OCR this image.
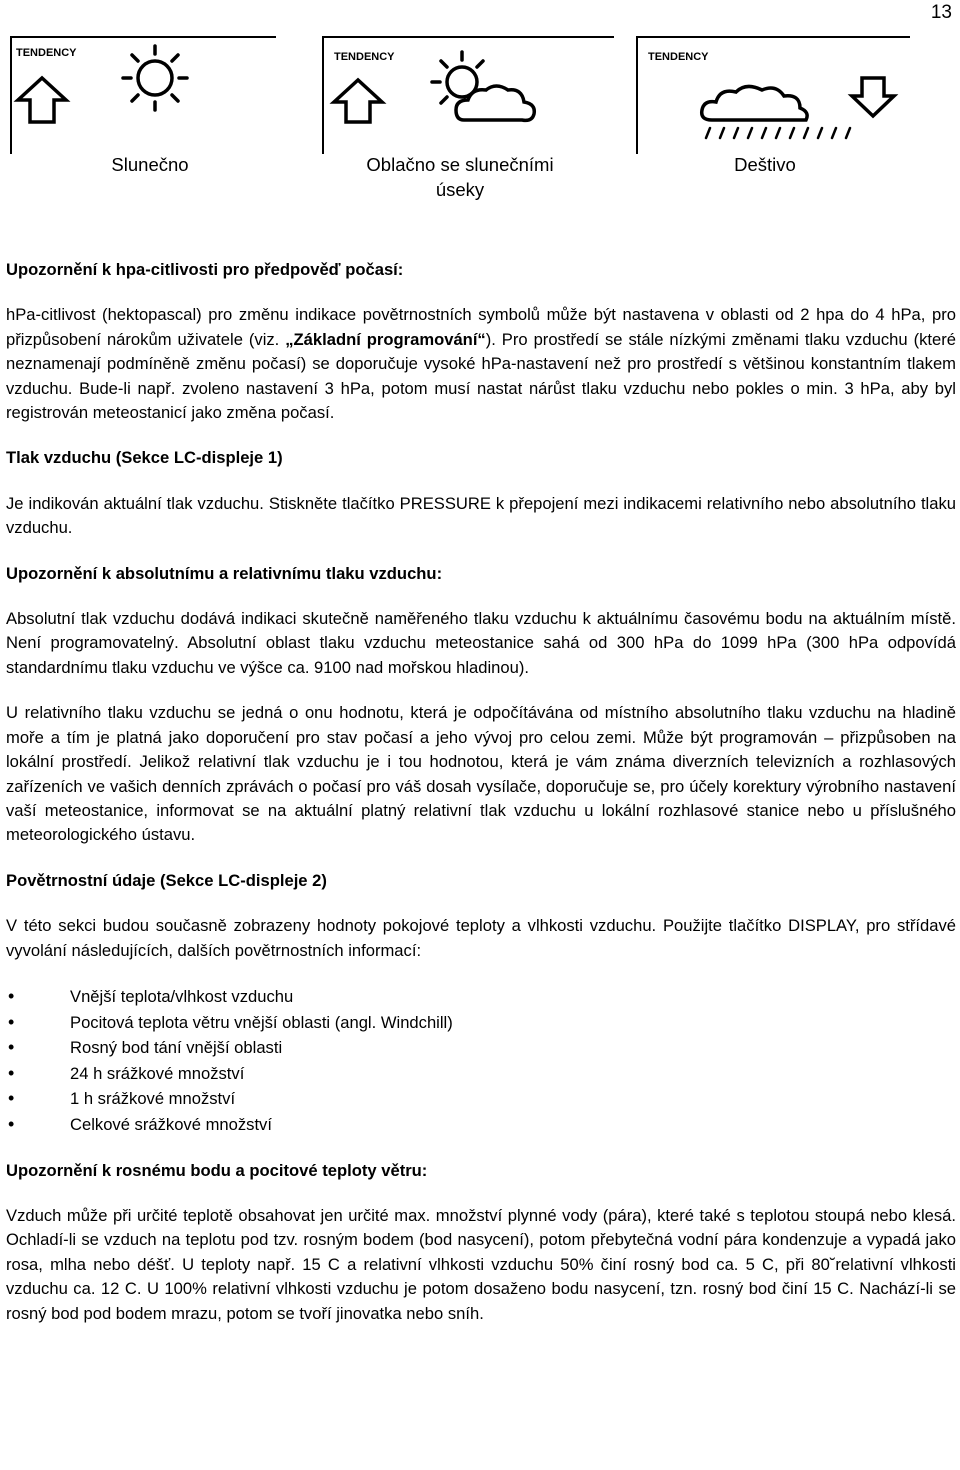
13
TENDENCY	TENDENCY	TENDENCY
Slunečno	Oblačno se slunečními úseky
Deštivo

Upozornění k hpa-citlivosti pro předpověď počasí:

hPa-citlivost (hektopascal) pro změnu indikace povětrnostních symbolů může být nastavena v oblasti od 2 hpa do 4 hPa, pro přizpůsobení nárokům uživatele (viz. „Základní programování“). Pro prostředí se stále nízkými změnami tlaku vzduchu (které neznamenají podmíněně změnu počasí) se doporučuje vysoké hPa-nastavení než pro prostředí s většinou konstantním tlakem vzduchu. Bude-li např. zvoleno nastavení 3 hPa, potom musí nastat nárůst tlaku vzduchu nebo pokles o min. 3 hPa, aby byl registrován meteostanicí jako změna počasí.

Tlak vzduchu (Sekce LC-displeje 1)

Je indikován aktuální tlak vzduchu. Stiskněte tlačítko PRESSURE k přepojení mezi indikacemi relativního nebo absolutního tlaku vzduchu.

Upozornění k absolutnímu a relativnímu tlaku vzduchu:

Absolutní tlak vzduchu dodává indikaci skutečně naměřeného tlaku vzduchu k aktuálnímu časovému bodu na aktuálním místě. Není programovatelný. Absolutní oblast tlaku vzduchu meteostanice sahá od 300 hPa do 1099 hPa (300 hPa odpovídá standardnímu tlaku vzduchu ve výšce ca. 9100 nad mořskou hladinou).

U relativního tlaku vzduchu se jedná o onu hodnotu, která je odpočítávána od místního absolutního tlaku vzduchu na hladině moře a tím je platná jako doporučení pro stav počasí a jeho vývoj pro celou zemi. Může být programován – přizpůsoben na lokální prostředí. Jelikož relativní tlak vzduchu je i tou hodnotou, která je vám známa diverzních televizních a rozhlasových zařízeních ve vašich denních zprávách o počasí pro váš dosah vysílače, doporučuje se, pro účely korektury výrobního nastavení vaší meteostanice, informovat se na aktuální platný relativní tlak vzduchu u lokální rozhlasové stanice nebo u příslušného meteorologického ústavu.

Povětrnostní údaje (Sekce LC-displeje 2)

V této sekci budou současně zobrazeny hodnoty pokojové teploty a vlhkosti vzduchu. Použijte tlačítko DISPLAY, pro střídavé vyvolání následujících, dalších povětrnostních informací:

• Vnější teplota/vlhkost vzduchu
• Pocitová teplota větru vnější oblasti (angl. Windchill)
• Rosný bod tání vnější oblasti
• 24 h srážkové množství
• 1 h srážkové množství
• Celkové srážkové množství

Upozornění k rosnému bodu a pocitové teploty větru:

Vzduch může při určité teplotě obsahovat jen určité max. množství plynné vody (pára), které také s teplotou stoupá nebo klesá. Ochladí-li se vzduch na teplotu pod tzv. rosným bodem (bod nasycení), potom přebytečná vodní pára kondenzuje a vypadá jako rosa, mlha nebo déšť. U teploty např. 15 C a relativní vlhkosti vzduchu 50% činí rosný bod ca. 5 C, při 80˘relativní vlhkosti vzduchu ca. 12 C. U 100% relativní vlhkosti vzduchu je potom dosaženo bodu nasycení, tzn. rosný bod činí 15 C. Nachází-li se rosný bod pod bodem mrazu, potom se tvoří jinovatka nebo sníh.
